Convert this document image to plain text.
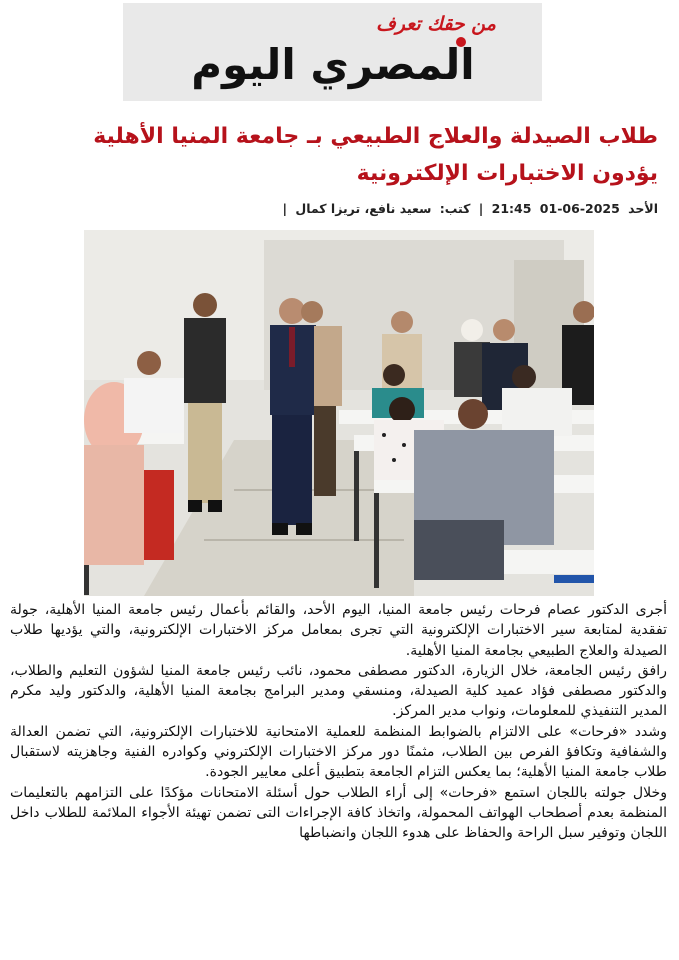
من حقك تعرف
المصري اليوم
طلاب الصيدلة والعلاج الطبيعي بـ جامعة المنيا الأهلية يؤدون الاختبارات الإلكترونية
الأحد 2025-06-01 21:45 | كتب: سعيد نافع، تريزا كمال |

أجرى الدكتور عصام فرحات رئيس جامعة المنيا، اليوم الأحد، والقائم بأعمال رئيس جامعة المنيا الأهلية، جولة تفقدية لمتابعة سير الاختبارات الإلكترونية التي تجرى بمعامل مركز الاختبارات الإلكترونية، والتي يؤديها طلاب الصيدلة والعلاج الطبيعي بجامعة المنيا الأهلية.

رافق رئيس الجامعة، خلال الزيارة، الدكتور مصطفى محمود، نائب رئيس جامعة المنيا لشؤون التعليم والطلاب، والدكتور مصطفى فؤاد عميد كلية الصيدلة، ومنسقي ومدير البرامج بجامعة المنيا الأهلية، والدكتور وليد مكرم المدير التنفيذي للمعلومات، ونواب مدير المركز.

وشدد «فرحات» على الالتزام بالضوابط المنظمة للعملية الامتحانية للاختبارات الإلكترونية، التي تضمن العدالة والشفافية وتكافؤ الفرص بين الطلاب، مثمنًا دور مركز الاختبارات الإلكتروني وكوادره الفنية وجاهزيته لاستقبال طلاب جامعة المنيا الأهلية؛ بما يعكس التزام الجامعة بتطبيق أعلى معايير الجودة.

وخلال جولته باللجان استمع «فرحات» إلى أراء الطلاب حول أسئلة الامتحانات مؤكدًا على التزامهم بالتعليمات المنظمة بعدم أصطحاب الهواتف المحمولة، واتخاذ كافة الإجراءات التى تضمن تهيئة الأجواء الملائمة للطلاب داخل اللجان وتوفير سبل الراحة والحفاظ على هدوء اللجان وانضباطها
